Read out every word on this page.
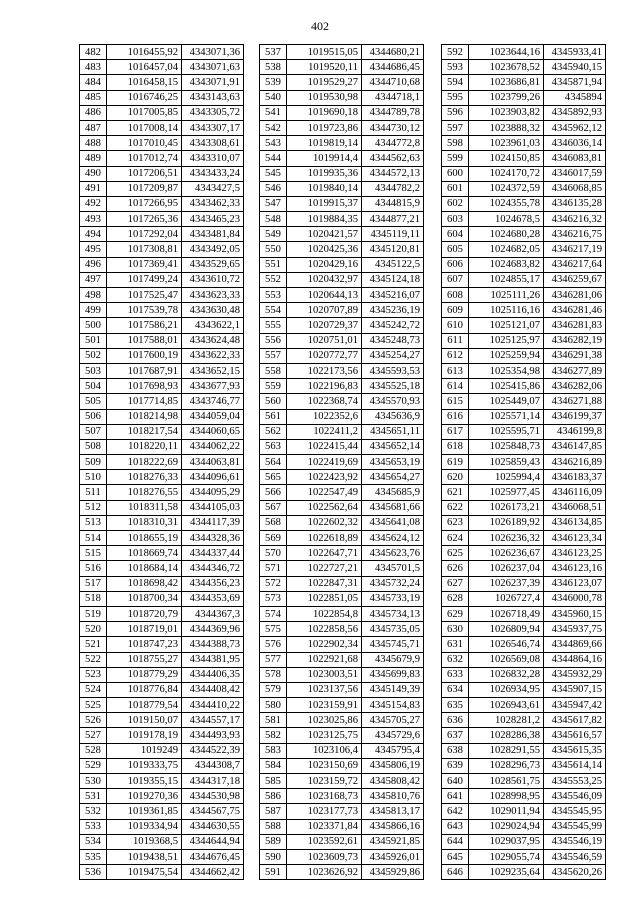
402
482	1016455,92	4343071,36
483	1016457,04	4343071,63
484	1016458,15	4343071,91
485	1016746,25	4343143,63
486	1017005,85	4343305,72
487	1017008,14	4343307,17
488	1017010,45	4343308,61
489	1017012,74	4343310,07
490	1017206,51	4343433,24
491	1017209,87	4343427,5
492	1017266,95	4343462,33
493	1017265,36	4343465,23
494	1017292,04	4343481,84
495	1017308,81	4343492,05
496	1017369,41	4343529,65
497	1017499,24	4343610,72
498	1017525,47	4343623,33
499	1017539,78	4343630,48
500	1017586,21	4343622,1
501	1017588,01	4343624,48
502	1017600,19	4343622,33
503	1017687,91	4343652,15
504	1017698,93	4343677,93
505	1017714,85	4343746,77
506	1018214,98	4344059,04
507	1018217,54	4344060,65
508	1018220,11	4344062,22
509	1018222,69	4344063,81
510	1018276,33	4344096,61
511	1018276,55	4344095,29
512	1018311,58	4344105,03
513	1018310,31	4344117,39
514	1018655,19	4344328,36
515	1018669,74	4344337,44
516	1018684,14	4344346,72
517	1018698,42	4344356,23
518	1018700,34	4344353,69
519	1018720,79	4344367,3
520	1018719,01	4344369,96
521	1018747,23	4344388,73
522	1018755,27	4344381,95
523	1018779,29	4344406,35
524	1018776,84	4344408,42
525	1018779,54	4344410,22
526	1019150,07	4344557,17
527	1019178,19	4344493,93
528	1019249	4344522,39
529	1019333,75	4344308,7
530	1019355,15	4344317,18
531	1019270,36	4344530,98
532	1019361,85	4344567,75
533	1019334,94	4344630,55
534	1019368,5	4344644,94
535	1019438,51	4344676,45
536	1019475,54	4344662,42
537	1019515,05	4344680,21
538	1019520,11	4344686,45
539	1019529,27	4344710,68
540	1019530,98	4344718,1
541	1019690,18	4344789,78
542	1019723,86	4344730,12
543	1019819,14	4344772,8
544	1019914,4	4344562,63
545	1019935,36	4344572,13
546	1019840,14	4344782,2
547	1019915,37	4344815,9
548	1019884,35	4344877,21
549	1020421,57	4345119,11
550	1020425,36	4345120,81
551	1020429,16	4345122,5
552	1020432,97	4345124,18
553	1020644,13	4345216,07
554	1020707,89	4345236,19
555	1020729,37	4345242,72
556	1020751,01	4345248,73
557	1020772,77	4345254,27
558	1022173,56	4345593,53
559	1022196,83	4345525,18
560	1022368,74	4345570,93
561	1022352,6	4345636,9
562	1022411,2	4345651,11
563	1022415,44	4345652,14
564	1022419,69	4345653,19
565	1022423,92	4345654,27
566	1022547,49	4345685,9
567	1022562,64	4345681,66
568	1022602,32	4345641,08
569	1022618,89	4345624,12
570	1022647,71	4345623,76
571	1022727,21	4345701,5
572	1022847,31	4345732,24
573	1022851,05	4345733,19
574	1022854,8	4345734,13
575	1022858,56	4345735,05
576	1022902,34	4345745,71
577	1022921,68	4345679,9
578	1023003,51	4345699,83
579	1023137,56	4345149,39
580	1023159,91	4345154,83
581	1023025,86	4345705,27
582	1023125,75	4345729,6
583	1023106,4	4345795,4
584	1023150,69	4345806,19
585	1023159,72	4345808,42
586	1023168,73	4345810,76
587	1023177,73	4345813,17
588	1023371,84	4345866,16
589	1023592,61	4345921,85
590	1023609,73	4345926,01
591	1023626,92	4345929,86
592	1023644,16	4345933,41
593	1023678,52	4345940,15
594	1023686,81	4345871,94
595	1023799,26	4345894
596	1023903,82	4345892,93
597	1023888,32	4345962,12
598	1023961,03	4346036,14
599	1024150,85	4346083,81
600	1024170,72	4346017,59
601	1024372,59	4346068,85
602	1024355,78	4346135,28
603	1024678,5	4346216,32
604	1024680,28	4346216,75
605	1024682,05	4346217,19
606	1024683,82	4346217,64
607	1024855,17	4346259,67
608	1025111,26	4346281,06
609	1025116,16	4346281,46
610	1025121,07	4346281,83
611	1025125,97	4346282,19
612	1025259,94	4346291,38
613	1025354,98	4346277,89
614	1025415,86	4346282,06
615	1025449,07	4346271,88
616	1025571,14	4346199,37
617	1025595,71	4346199,8
618	1025848,73	4346147,85
619	1025859,43	4346216,89
620	1025994,4	4346183,37
621	1025977,45	4346116,09
622	1026173,21	4346068,51
623	1026189,92	4346134,85
624	1026236,32	4346123,34
625	1026236,67	4346123,25
626	1026237,04	4346123,16
627	1026237,39	4346123,07
628	1026727,4	4346000,78
629	1026718,49	4345960,15
630	1026809,94	4345937,75
631	1026546,74	4344869,66
632	1026569,08	4344864,16
633	1026832,28	4345932,29
634	1026934,95	4345907,15
635	1026943,61	4345947,42
636	1028281,2	4345617,82
637	1028286,38	4345616,57
638	1028291,55	4345615,35
639	1028296,73	4345614,14
640	1028561,75	4345553,25
641	1028998,95	4345546,09
642	1029011,94	4345545,95
643	1029024,94	4345545,99
644	1029037,95	4345546,19
645	1029055,74	4345546,59
646	1029235,64	4345620,26
